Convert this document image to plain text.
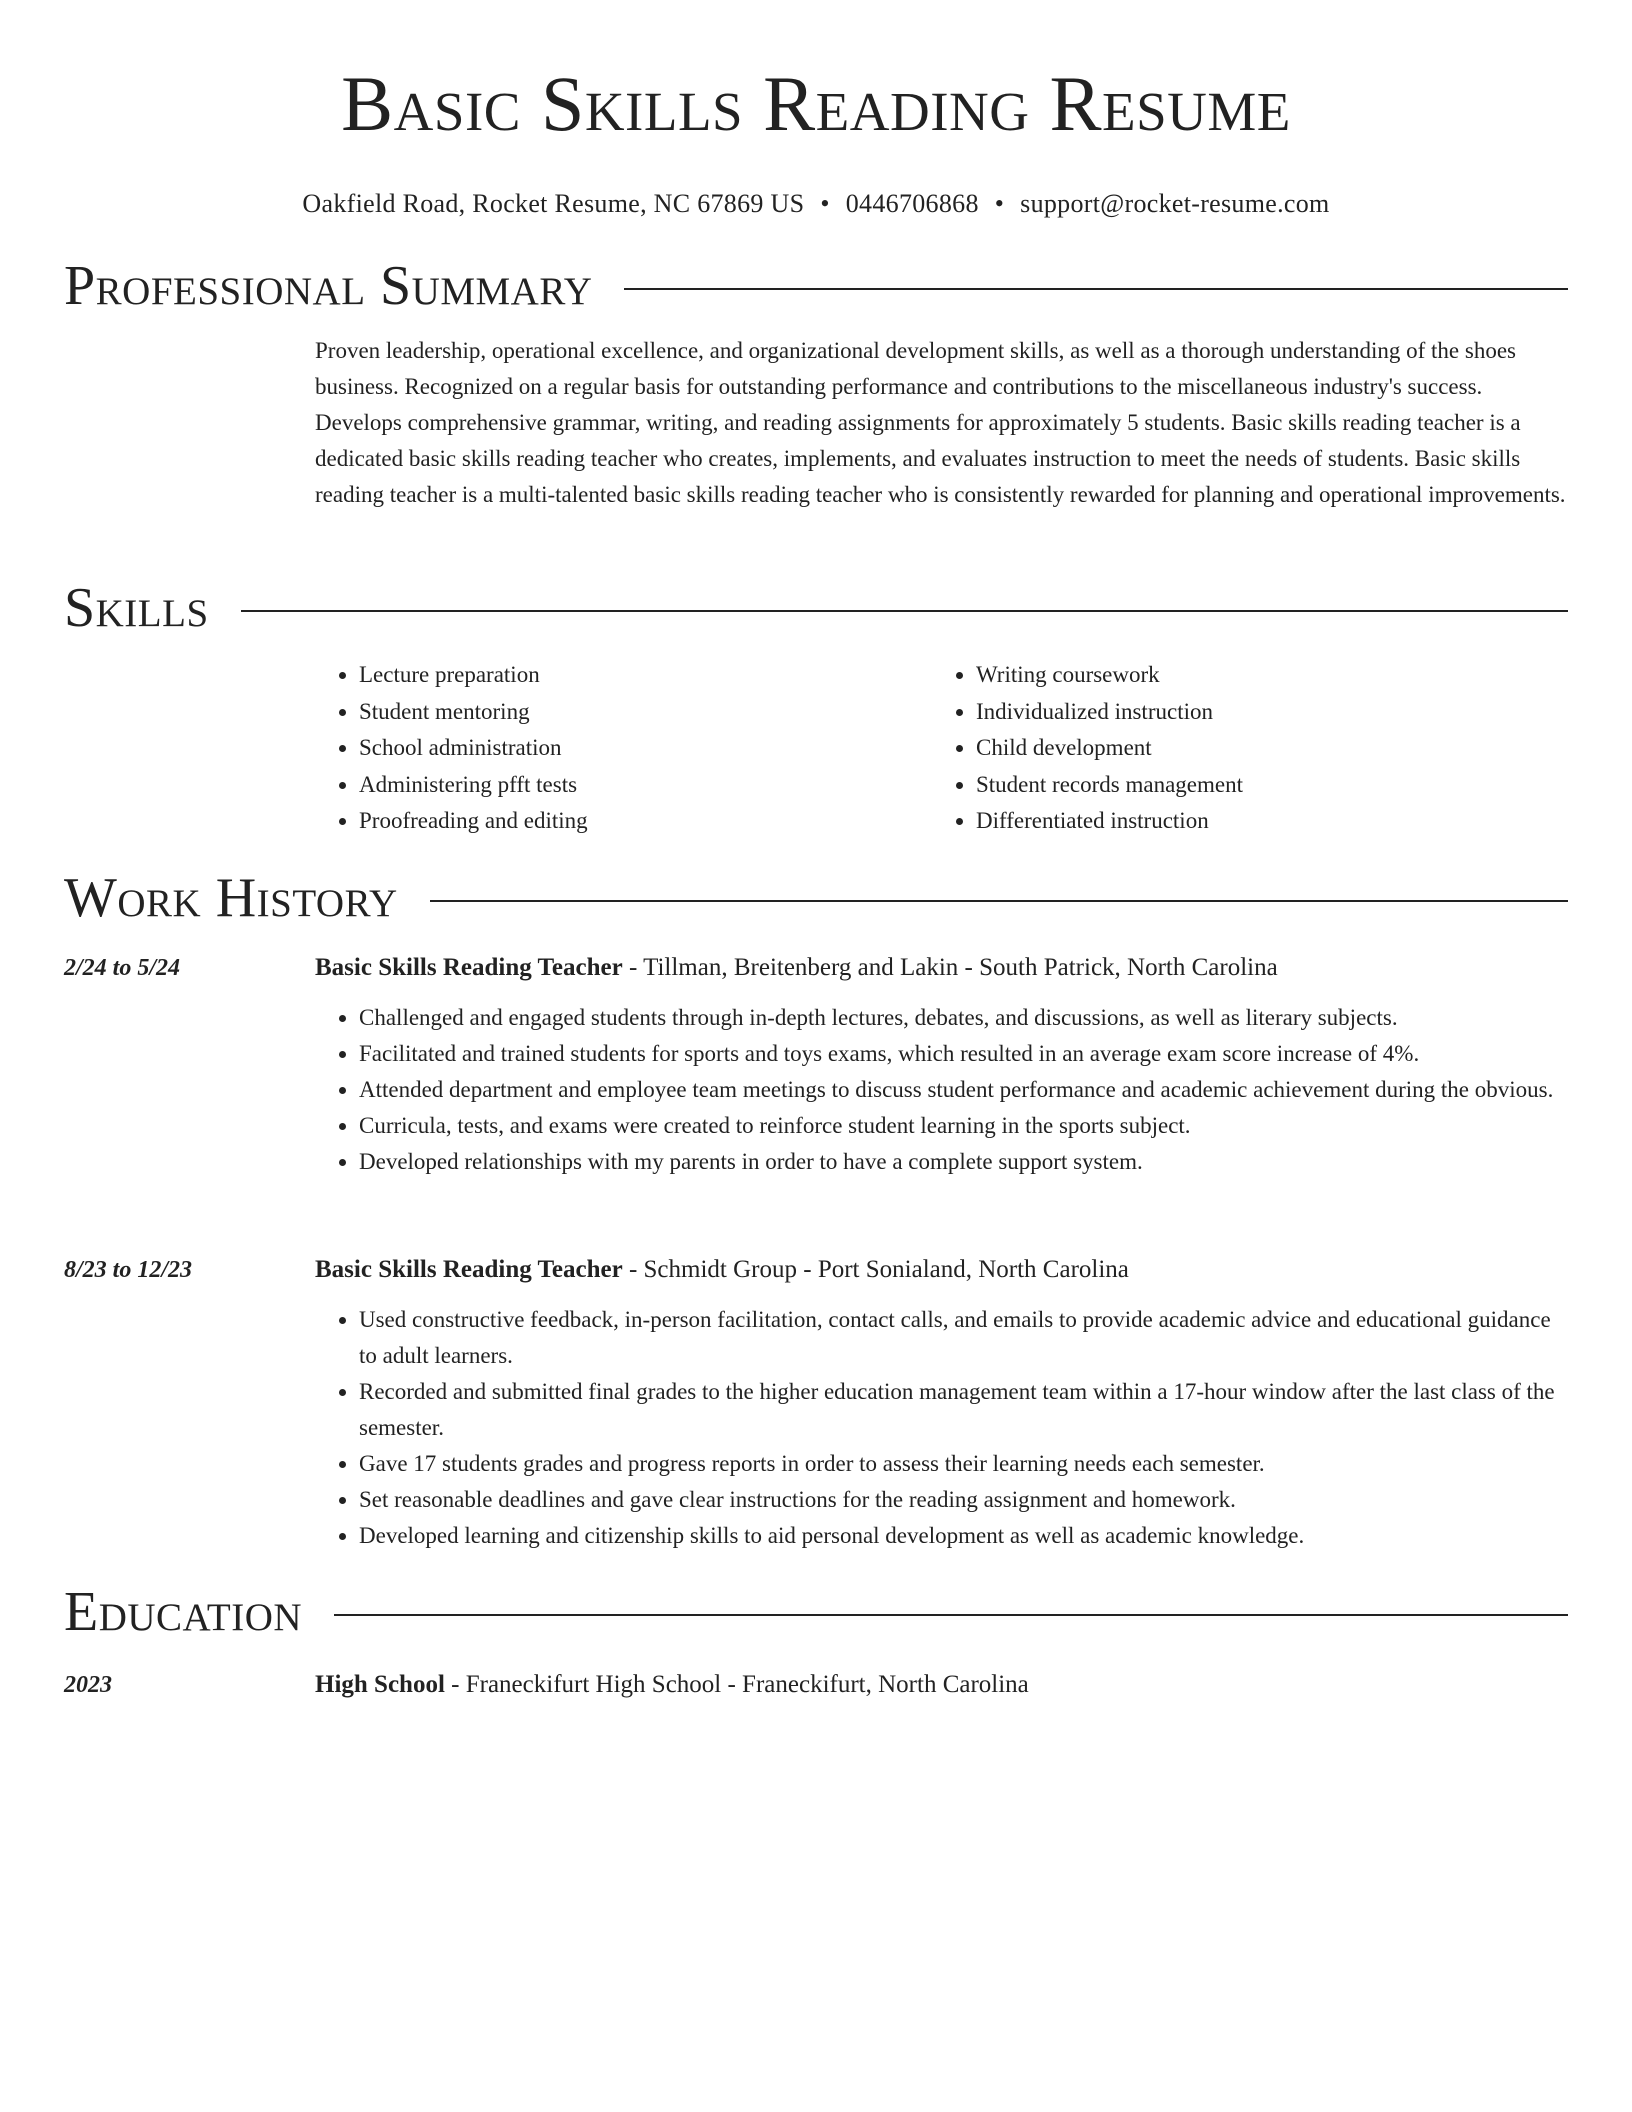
Basic Skills Reading Resume
Oakfield Road, Rocket Resume, NC 67869 US • 0446706868 • support@rocket-resume.com
Professional Summary

Proven leadership, operational excellence, and organizational development skills, as well as a thorough understanding of the shoes business. Recognized on a regular basis for outstanding performance and contributions to the miscellaneous industry's success. Develops comprehensive grammar, writing, and reading assignments for approximately 5 students. Basic skills reading teacher is a dedicated basic skills reading teacher who creates, implements, and evaluates instruction to meet the needs of students. Basic skills reading teacher is a multi-talented basic skills reading teacher who is consistently rewarded for planning and operational improvements.

Skills
• Lecture preparation
• Student mentoring
• School administration
• Administering pfft tests
• Proofreading and editing
• Writing coursework
• Individualized instruction
• Child development
• Student records management
• Differentiated instruction
Work History
2/24 to 5/24	Basic Skills Reading Teacher - Tillman, Breitenberg and Lakin - South Patrick, North Carolina
• Challenged and engaged students through in-depth lectures, debates, and discussions, as well as literary subjects.
• Facilitated and trained students for sports and toys exams, which resulted in an average exam score increase of 4%.
• Attended department and employee team meetings to discuss student performance and academic achievement during the obvious.
• Curricula, tests, and exams were created to reinforce student learning in the sports subject.
• Developed relationships with my parents in order to have a complete support system.
8/23 to 12/23	Basic Skills Reading Teacher - Schmidt Group - Port Sonialand, North Carolina
• Used constructive feedback, in-person facilitation, contact calls, and emails to provide academic advice and educational guidance to adult learners.
• Recorded and submitted final grades to the higher education management team within a 17-hour window after the last class of the semester.
• Gave 17 students grades and progress reports in order to assess their learning needs each semester.
• Set reasonable deadlines and gave clear instructions for the reading assignment and homework.
• Developed learning and citizenship skills to aid personal development as well as academic knowledge.
Education
2023	High School - Franeckifurt High School - Franeckifurt, North Carolina
